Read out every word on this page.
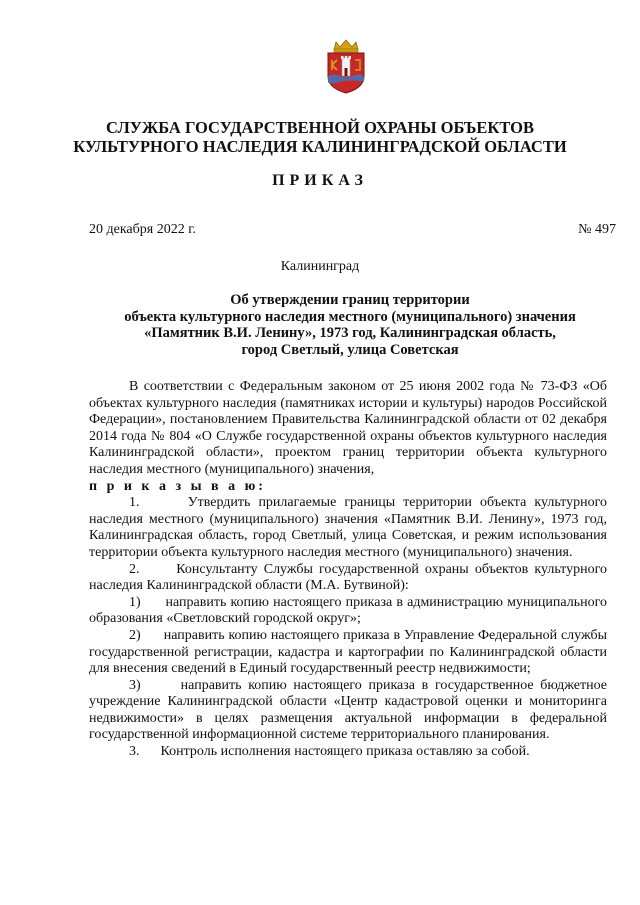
СЛУЖБА ГОСУДАРСТВЕННОЙ ОХРАНЫ ОБЪЕКТОВ
КУЛЬТУРНОГО НАСЛЕДИЯ КАЛИНИНГРАДСКОЙ ОБЛАСТИ
ПРИКАЗ
20 декабря 2022 г.	№ 497
Калининград
Об утверждении границ территории
объекта культурного наследия местного (муниципального) значения
«Памятник В.И. Ленину», 1973 год, Калининградская область,
город Светлый, улица Советская

В соответствии с Федеральным законом от 25 июня 2002 года № 73-ФЗ «Об объектах культурного наследия (памятниках истории и культуры) народов Российской Федерации», постановлением Правительства Калининградской области от 02 декабря 2014 года № 804 «О Службе государственной охраны объектов культурного наследия Калининградской области», проектом границ территории объекта культурного наследия местного (муниципального) значения,

п р и к а з ы в а ю:

1.      Утвердить прилагаемые границы территории объекта культурного наследия местного (муниципального) значения «Памятник В.И. Ленину», 1973 год, Калининградская область, город Светлый, улица Советская, и режим использования территории объекта культурного наследия местного (муниципального) значения.

2.      Консультанту Службы государственной охраны объектов культурного наследия Калининградской области (М.А. Бутвиной):

1)      направить копию настоящего приказа в администрацию муниципального образования «Светловский городской округ»;

2)      направить копию настоящего приказа в Управление Федеральной службы государственной регистрации, кадастра и картографии по Калининградской области для внесения сведений в Единый государственный реестр недвижимости;

3)      направить копию настоящего приказа в государственное бюджетное учреждение Калининградской области «Центр кадастровой оценки и мониторинга недвижимости» в целях размещения актуальной информации в федеральной государственной информационной системе территориального планирования.

3.      Контроль исполнения настоящего приказа оставляю за собой.
